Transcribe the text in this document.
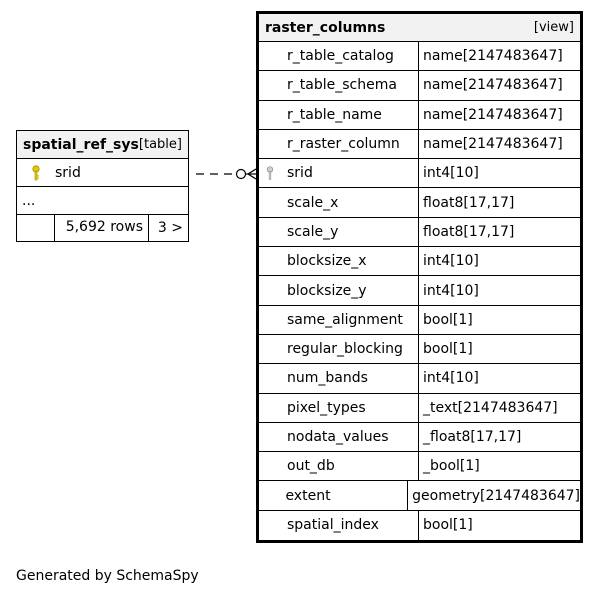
spatial_ref_sys [table]
srid
...
5,692 rows	3 >
raster_columns	[view]
r_table_catalog	name[2147483647]
r_table_schema	name[2147483647]
r_table_name	name[2147483647]
r_raster_column	name[2147483647]
srid	int4[10]
scale_x	float8[17,17]
scale_y	float8[17,17]
blocksize_x	int4[10]
blocksize_y	int4[10]
same_alignment	bool[1]
regular_blocking	bool[1]
num_bands	int4[10]
pixel_types	_text[2147483647]
nodata_values	_float8[17,17]
out_db	_bool[1]
extent	geometry[2147483647]
spatial_index	bool[1]
Generated by SchemaSpy
